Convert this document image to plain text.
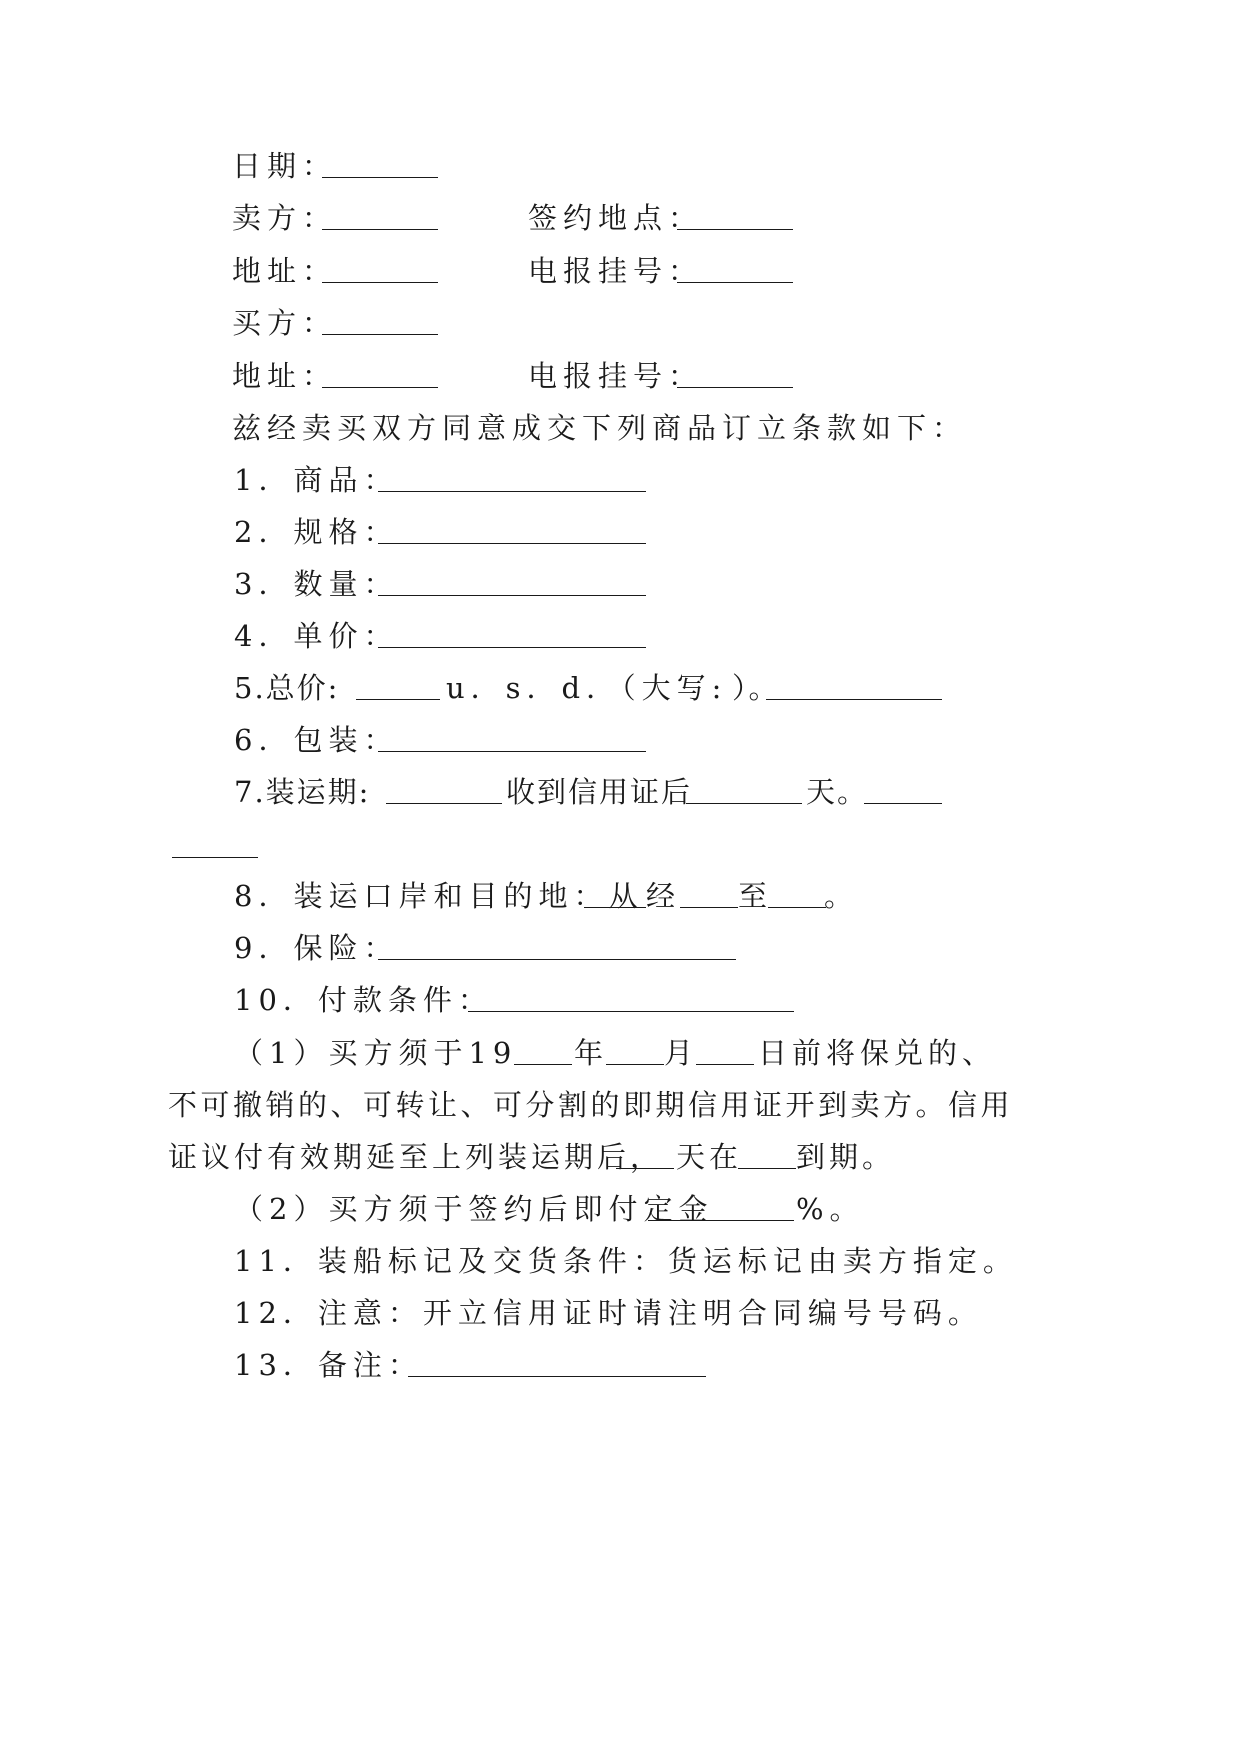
日期：
卖方：	签约地点：
地址：	电报挂号：
买方：
地址：	电报挂号：
兹经卖买双方同意成交下列商品订立条款如下：
1．商品：
2．规格：
3．数量：
4．单价：
5.总价:	u．s．d．（大写: ）。
6．包装：
7.装运期:	收到信用证后	天。
8．装运口岸和目的地：从 经 至 。
9．保险：
10．付款条件：
（1）买方须于19 年 月 日前将保兑的、
不可撤销的、可转让、可分割的即期信用证开到卖方。信用
证议付有效期延至上列装运期后， 天在 到期。
（2）买方须于签约后即付定金	%。
11．装船标记及交货条件：货运标记由卖方指定。
12．注意：开立信用证时请注明合同编号号码。
13．备注：
